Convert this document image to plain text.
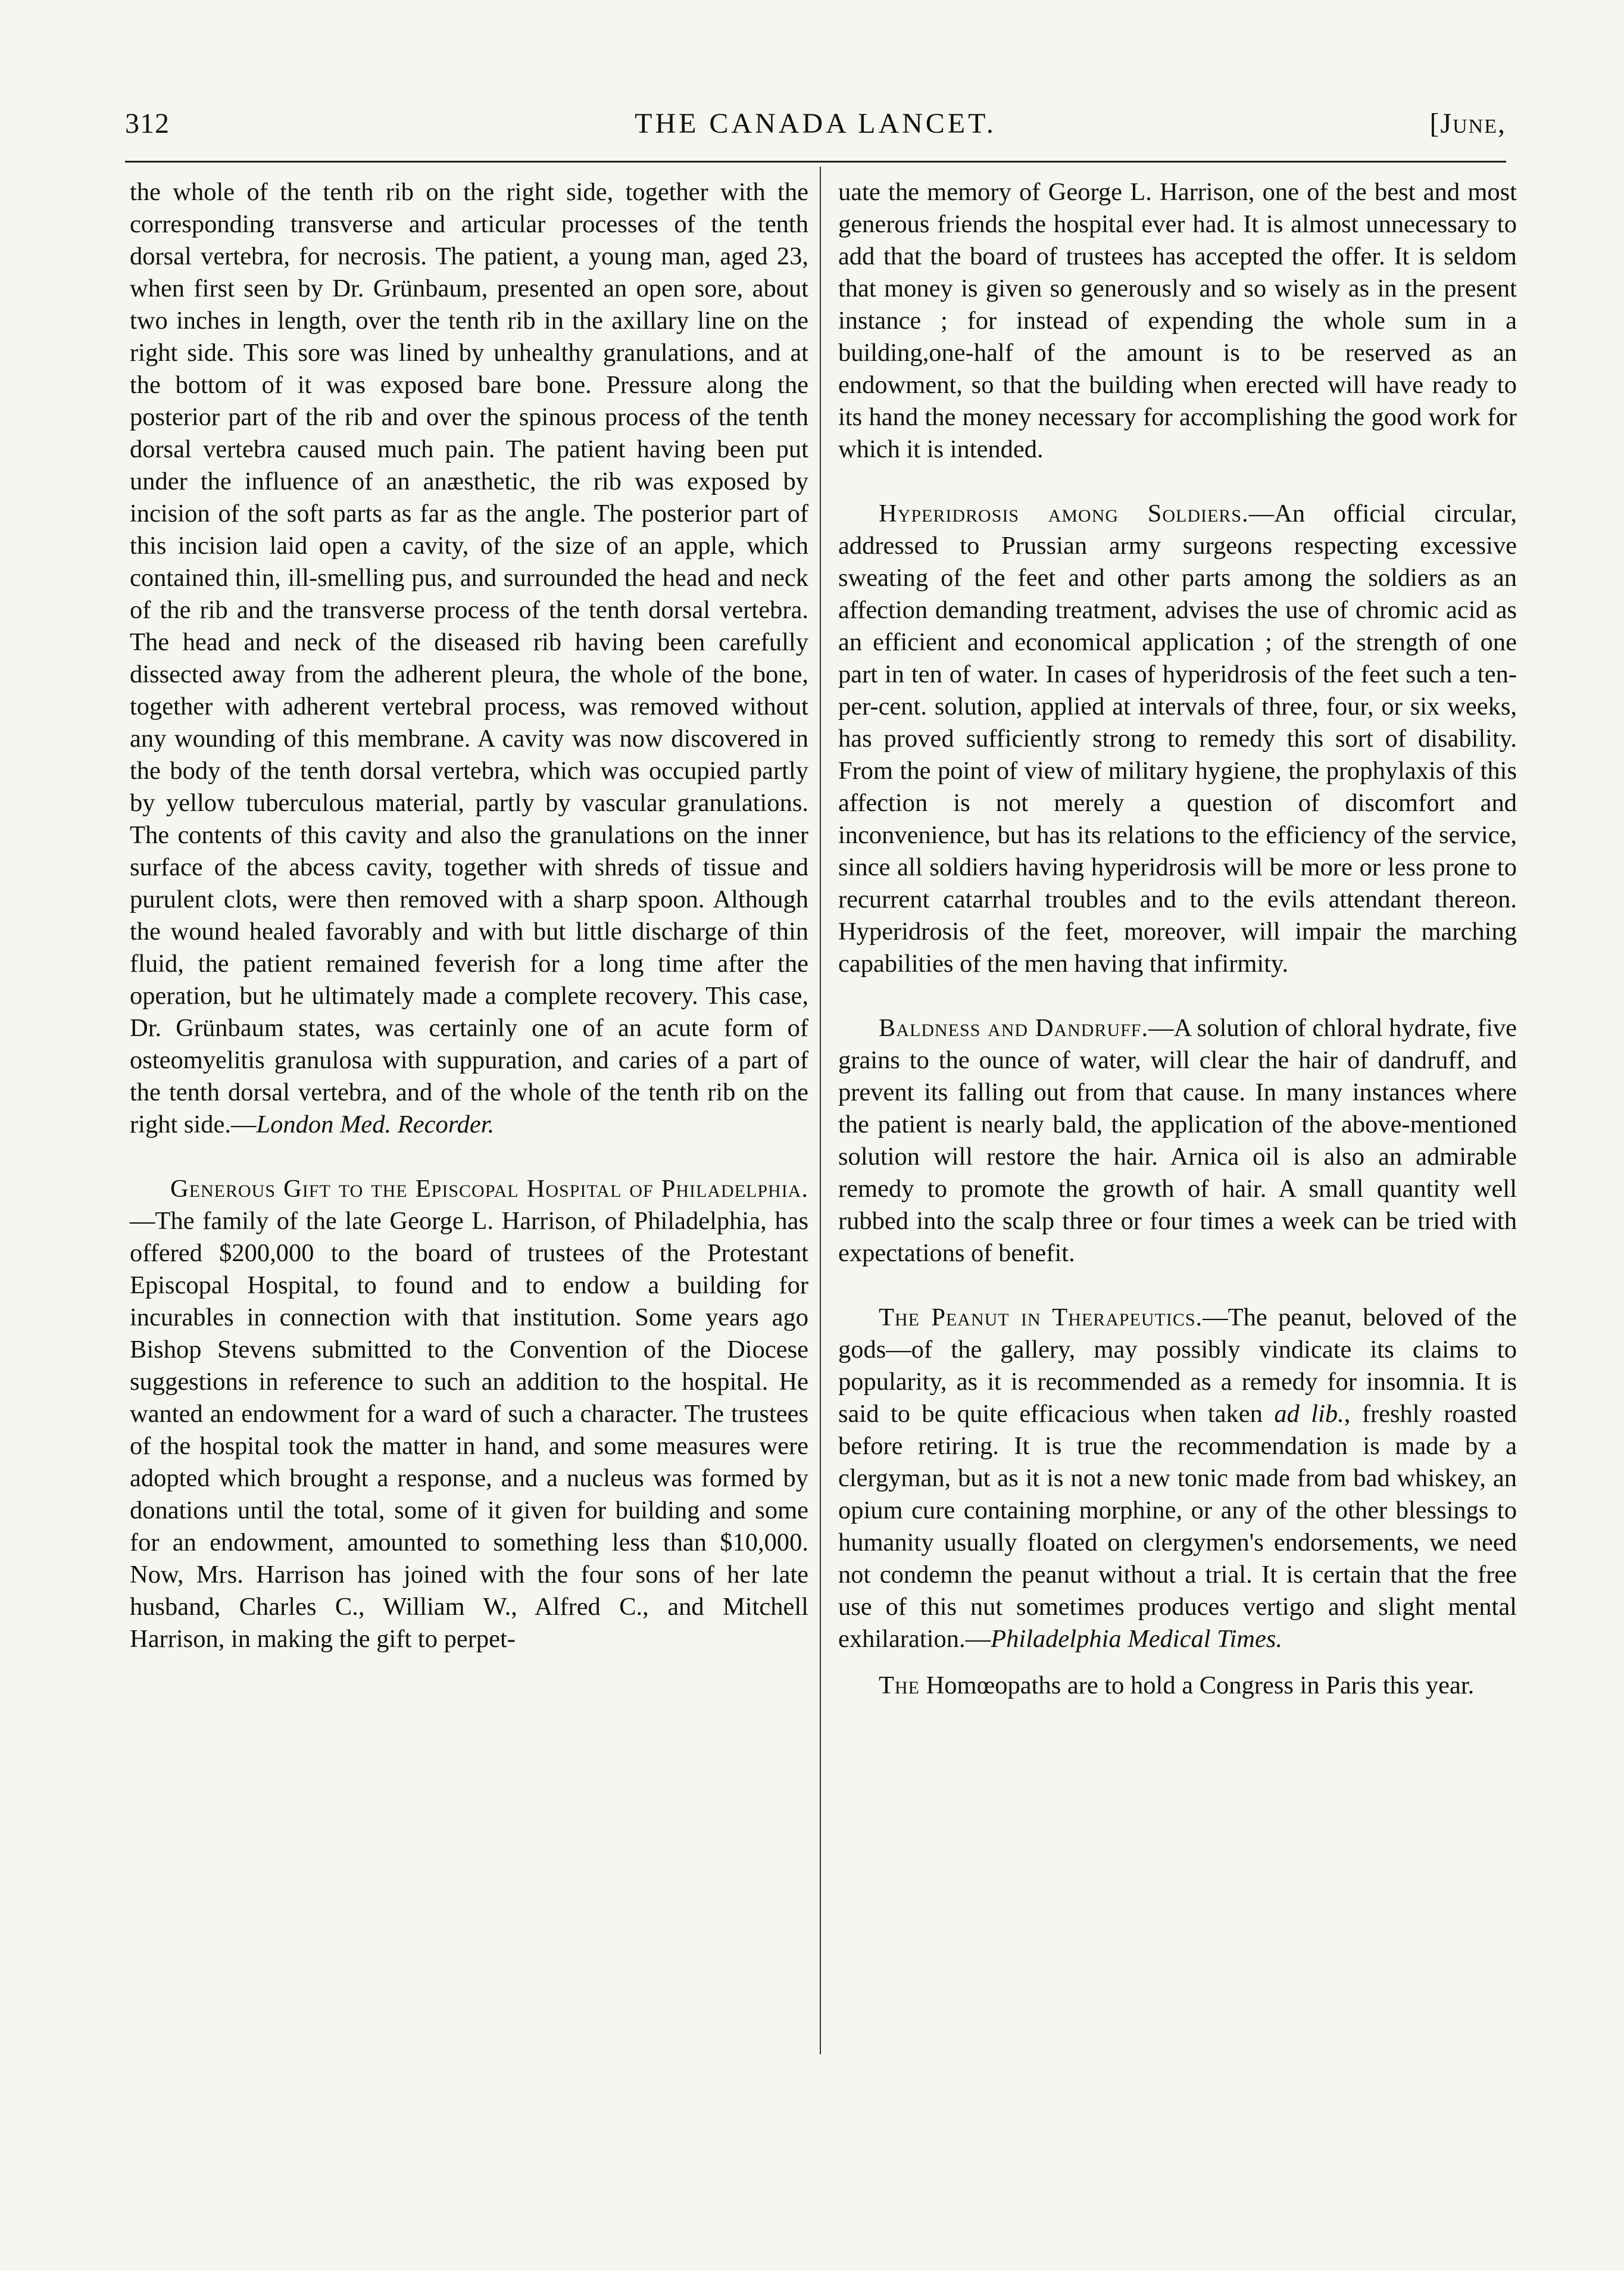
312	THE CANADA LANCET.	[June,

the whole of the tenth rib on the right side, together with the corresponding transverse and articular processes of the tenth dorsal vertebra, for necrosis. The patient, a young man, aged 23, when first seen by Dr. Grünbaum, presented an open sore, about two inches in length, over the tenth rib in the axillary line on the right side. This sore was lined by unhealthy granulations, and at the bottom of it was exposed bare bone. Pressure along the posterior part of the rib and over the spinous process of the tenth dorsal vertebra caused much pain. The patient having been put under the influence of an anæsthetic, the rib was exposed by incision of the soft parts as far as the angle. The posterior part of this incision laid open a cavity, of the size of an apple, which contained thin, ill-smelling pus, and surrounded the head and neck of the rib and the transverse process of the tenth dorsal vertebra. The head and neck of the diseased rib having been carefully dissected away from the adherent pleura, the whole of the bone, together with adherent vertebral process, was removed without any wounding of this membrane. A cavity was now discovered in the body of the tenth dorsal vertebra, which was occupied partly by yellow tuberculous material, partly by vascular granulations. The contents of this cavity and also the granulations on the inner surface of the abcess cavity, together with shreds of tissue and purulent clots, were then removed with a sharp spoon. Although the wound healed favorably and with but little discharge of thin fluid, the patient remained feverish for a long time after the operation, but he ultimately made a complete recovery. This case, Dr. Grünbaum states, was certainly one of an acute form of osteomyelitis granulosa with suppuration, and caries of a part of the tenth dorsal vertebra, and of the whole of the tenth rib on the right side.—London Med. Recorder.

Generous Gift to the Episcopal Hospital of Philadelphia.—The family of the late George L. Harrison, of Philadelphia, has offered $200,000 to the board of trustees of the Protestant Episcopal Hospital, to found and to endow a building for incurables in connection with that institution. Some years ago Bishop Stevens submitted to the Convention of the Diocese suggestions in reference to such an addition to the hospital. He wanted an endowment for a ward of such a character. The trustees of the hospital took the matter in hand, and some measures were adopted which brought a response, and a nucleus was formed by donations until the total, some of it given for building and some for an endowment, amounted to something less than $10,000. Now, Mrs. Harrison has joined with the four sons of her late husband, Charles C., William W., Alfred C., and Mitchell Harrison, in making the gift to perpet-

uate the memory of George L. Harrison, one of the best and most generous friends the hospital ever had. It is almost unnecessary to add that the board of trustees has accepted the offer. It is seldom that money is given so generously and so wisely as in the present instance ; for instead of expending the whole sum in a building,one-half of the amount is to be reserved as an endowment, so that the building when erected will have ready to its hand the money necessary for accomplishing the good work for which it is intended.

Hyperidrosis among Soldiers.—An official circular, addressed to Prussian army surgeons respecting excessive sweating of the feet and other parts among the soldiers as an affection demanding treatment, advises the use of chromic acid as an efficient and economical application ; of the strength of one part in ten of water. In cases of hyperidrosis of the feet such a ten-per-cent. solution, applied at intervals of three, four, or six weeks, has proved sufficiently strong to remedy this sort of disability. From the point of view of military hygiene, the prophylaxis of this affection is not merely a question of discomfort and inconvenience, but has its relations to the efficiency of the service, since all soldiers having hyperidrosis will be more or less prone to recurrent catarrhal troubles and to the evils attendant thereon. Hyperidrosis of the feet, moreover, will impair the marching capabilities of the men having that infirmity.

Baldness and Dandruff.—A solution of chloral hydrate, five grains to the ounce of water, will clear the hair of dandruff, and prevent its falling out from that cause. In many instances where the patient is nearly bald, the application of the above-mentioned solution will restore the hair. Arnica oil is also an admirable remedy to promote the growth of hair. A small quantity well rubbed into the scalp three or four times a week can be tried with expectations of benefit.

The Peanut in Therapeutics.—The peanut, beloved of the gods—of the gallery, may possibly vindicate its claims to popularity, as it is recommended as a remedy for insomnia. It is said to be quite efficacious when taken ad lib., freshly roasted before retiring. It is true the recommendation is made by a clergyman, but as it is not a new tonic made from bad whiskey, an opium cure containing morphine, or any of the other blessings to humanity usually floated on clergymen's endorsements, we need not condemn the peanut without a trial. It is certain that the free use of this nut sometimes produces vertigo and slight mental exhilaration.—Philadelphia Medical Times.

The Homœopaths are to hold a Congress in Paris this year.
